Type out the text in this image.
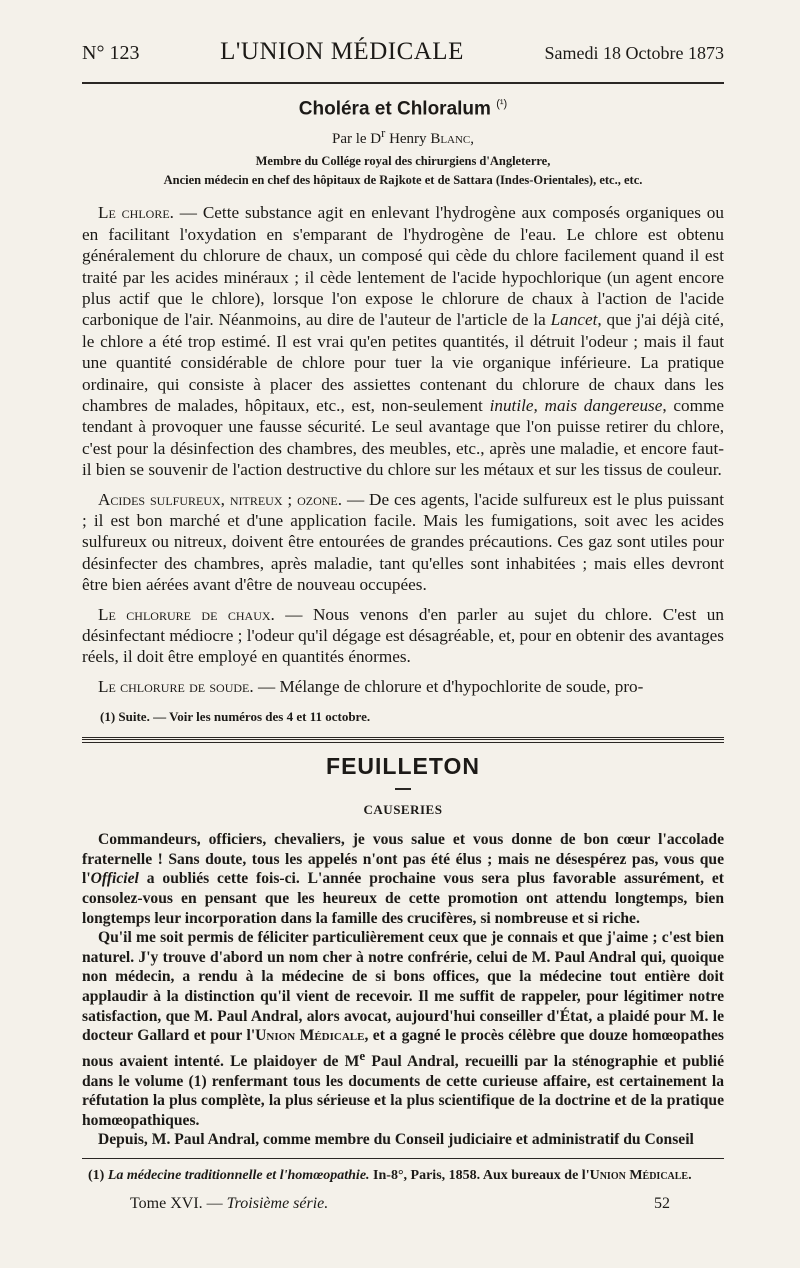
N° 123	L'UNION MÉDICALE	Samedi 18 Octobre 1873
Choléra et Chloralum $^{(^1)}$
Par le $D^r$ Henry Blanc,
Membre du Collége royal des chirurgiens d'Angleterre,
Ancien médecin en chef des hôpitaux de Rajkote et de Sattara (Indes-Orientales), etc., etc.

Le chlore. — Cette substance agit en enlevant l'hydrogène aux composés organiques ou en facilitant l'oxydation en s'emparant de l'hydrogène de l'eau. Le chlore est obtenu généralement du chlorure de chaux, un composé qui cède du chlore facilement quand il est traité par les acides minéraux ; il cède lentement de l'acide hypochlorique (un agent encore plus actif que le chlore), lorsque l'on expose le chlorure de chaux à l'action de l'acide carbonique de l'air. Néanmoins, au dire de l'auteur de l'article de la Lancet, que j'ai déjà cité, le chlore a été trop estimé. Il est vrai qu'en petites quantités, il détruit l'odeur ; mais il faut une quantité considérable de chlore pour tuer la vie organique inférieure. La pratique ordinaire, qui consiste à placer des assiettes contenant du chlorure de chaux dans les chambres de malades, hôpitaux, etc., est, non-seulement inutile, mais dangereuse, comme tendant à provoquer une fausse sécurité. Le seul avantage que l'on puisse retirer du chlore, c'est pour la désinfection des chambres, des meubles, etc., après une maladie, et encore faut-il bien se souvenir de l'action destructive du chlore sur les métaux et sur les tissus de couleur.

Acides sulfureux, nitreux ; ozone. — De ces agents, l'acide sulfureux est le plus puissant ; il est bon marché et d'une application facile. Mais les fumigations, soit avec les acides sulfureux ou nitreux, doivent être entourées de grandes précautions. Ces gaz sont utiles pour désinfecter des chambres, après maladie, tant qu'elles sont inhabitées ; mais elles devront être bien aérées avant d'être de nouveau occupées.

Le chlorure de chaux. — Nous venons d'en parler au sujet du chlore. C'est un désinfectant médiocre ; l'odeur qu'il dégage est désagréable, et, pour en obtenir des avantages réels, il doit être employé en quantités énormes.

Le chlorure de soude. — Mélange de chlorure et d'hypochlorite de soude, pro-

(1) Suite. — Voir les numéros des 4 et 11 octobre.
FEUILLETON
CAUSERIES

Commandeurs, officiers, chevaliers, je vous salue et vous donne de bon cœur l'accolade fraternelle ! Sans doute, tous les appelés n'ont pas été élus ; mais ne désespérez pas, vous que l'Officiel a oubliés cette fois-ci. L'année prochaine vous sera plus favorable assurément, et consolez-vous en pensant que les heureux de cette promotion ont attendu longtemps, bien longtemps leur incorporation dans la famille des crucifères, si nombreuse et si riche.

Qu'il me soit permis de féliciter particulièrement ceux que je connais et que j'aime ; c'est bien naturel. J'y trouve d'abord un nom cher à notre confrérie, celui de M. Paul Andral qui, quoique non médecin, a rendu à la médecine de si bons offices, que la médecine tout entière doit applaudir à la distinction qu'il vient de recevoir. Il me suffit de rappeler, pour légitimer notre satisfaction, que M. Paul Andral, alors avocat, aujourd'hui conseiller d'État, a plaidé pour M. le docteur Gallard et pour l'Union Médicale, et a gagné le procès célèbre que douze homœopathes nous avaient intenté. Le plaidoyer de Me Paul Andral, recueilli par la sténographie et publié dans le volume (1) renfermant tous les documents de cette curieuse affaire, est certainement la réfutation la plus complète, la plus sérieuse et la plus scientifique de la doctrine et de la pratique homœopathiques.

Depuis, M. Paul Andral, comme membre du Conseil judiciaire et administratif du Conseil

(1) La médecine traditionnelle et l'homœopathie. In-8°, Paris, 1858. Aux bureaux de l'Union Médicale.
Tome XVI. — Troisième série.	52
